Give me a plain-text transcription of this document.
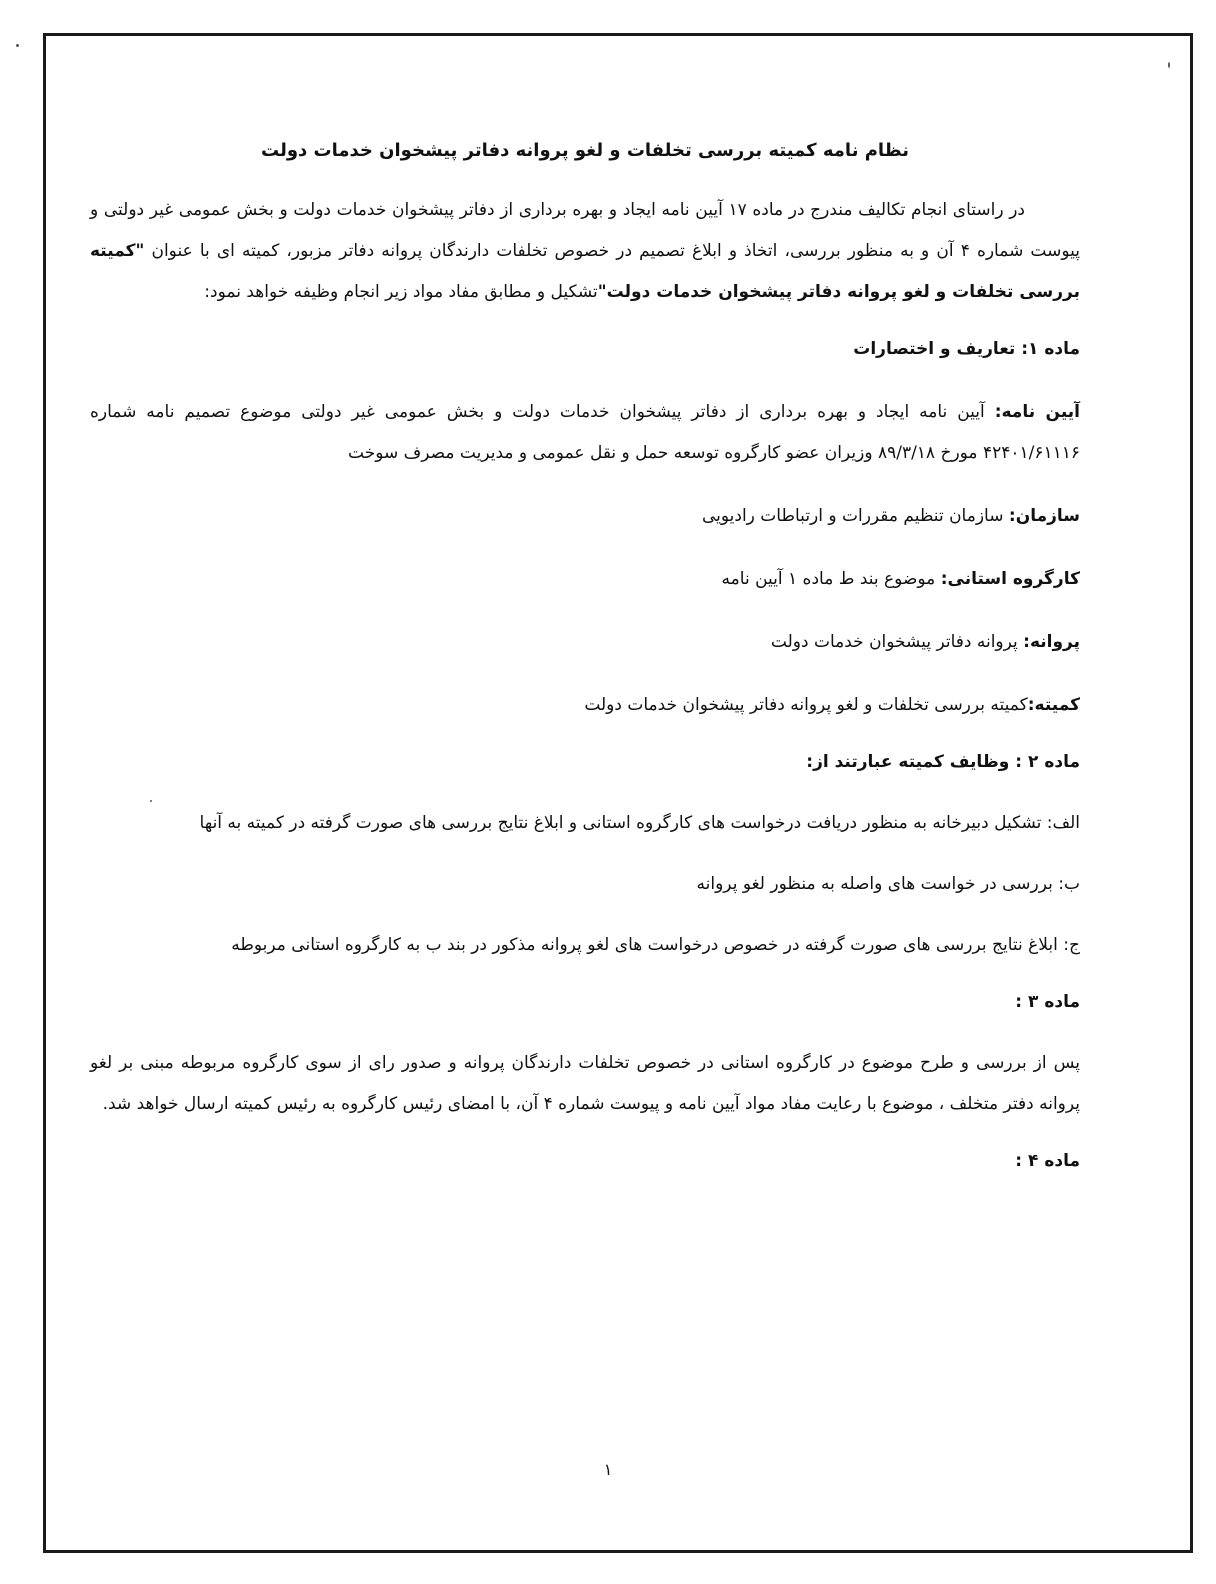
نظام نامه کمیته بررسی تخلفات و لغو پروانه دفاتر پیشخوان خدمات دولت

در راستای انجام تکالیف مندرج در ماده ۱۷ آیین نامه ایجاد و بهره برداری از دفاتر پیشخوان خدمات دولت و بخش عمومی غیر دولتی و پیوست شماره ۴ آن و به منظور بررسی، اتخاذ و ابلاغ تصمیم در خصوص تخلفات دارندگان پروانه دفاتر مزبور، کمیته ای با عنوان "کمیته بررسی تخلفات و لغو پروانه دفاتر پیشخوان خدمات دولت"تشکیل و مطابق مفاد مواد زیر انجام وظیفه خواهد نمود:

ماده ۱: تعاریف و اختصارات

آیین نامه: آیین نامه ایجاد و بهره برداری از دفاتر پیشخوان خدمات دولت و بخش عمومی غیر دولتی موضوع تصمیم نامه شماره ۴۲۴۰۱/۶۱۱۱۶ مورخ ۸۹/۳/۱۸ وزیران عضو کارگروه توسعه حمل و نقل عمومی و مدیریت مصرف سوخت

سازمان: سازمان تنظیم مقررات و ارتباطات رادیویی

کارگروه استانی: موضوع بند ط ماده ۱ آیین نامه

پروانه: پروانه دفاتر پیشخوان خدمات دولت

کمیته:کمیته بررسی تخلفات و لغو پروانه دفاتر پیشخوان خدمات دولت

ماده ۲ : وظایف کمیته عبارتند از:

الف: تشکیل دبیرخانه به منظور دریافت درخواست های کارگروه استانی و ابلاغ نتایج بررسی های صورت گرفته در کمیته به آنها

ب: بررسی در خواست های واصله به منظور لغو پروانه

ج: ابلاغ نتایج بررسی های صورت گرفته در خصوص درخواست های لغو پروانه مذکور در بند ب به کارگروه استانی مربوطه

ماده ۳ :

پس از بررسی و طرح موضوع در کارگروه استانی در خصوص تخلفات دارندگان پروانه و صدور رای از سوی کارگروه مربوطه مبنی بر لغو پروانه دفتر متخلف ، موضوع با رعایت مفاد مواد آیین نامه و پیوست شماره ۴ آن، با امضای رئیس کارگروه به رئیس کمیته ارسال خواهد شد.

ماده ۴ :
۱
